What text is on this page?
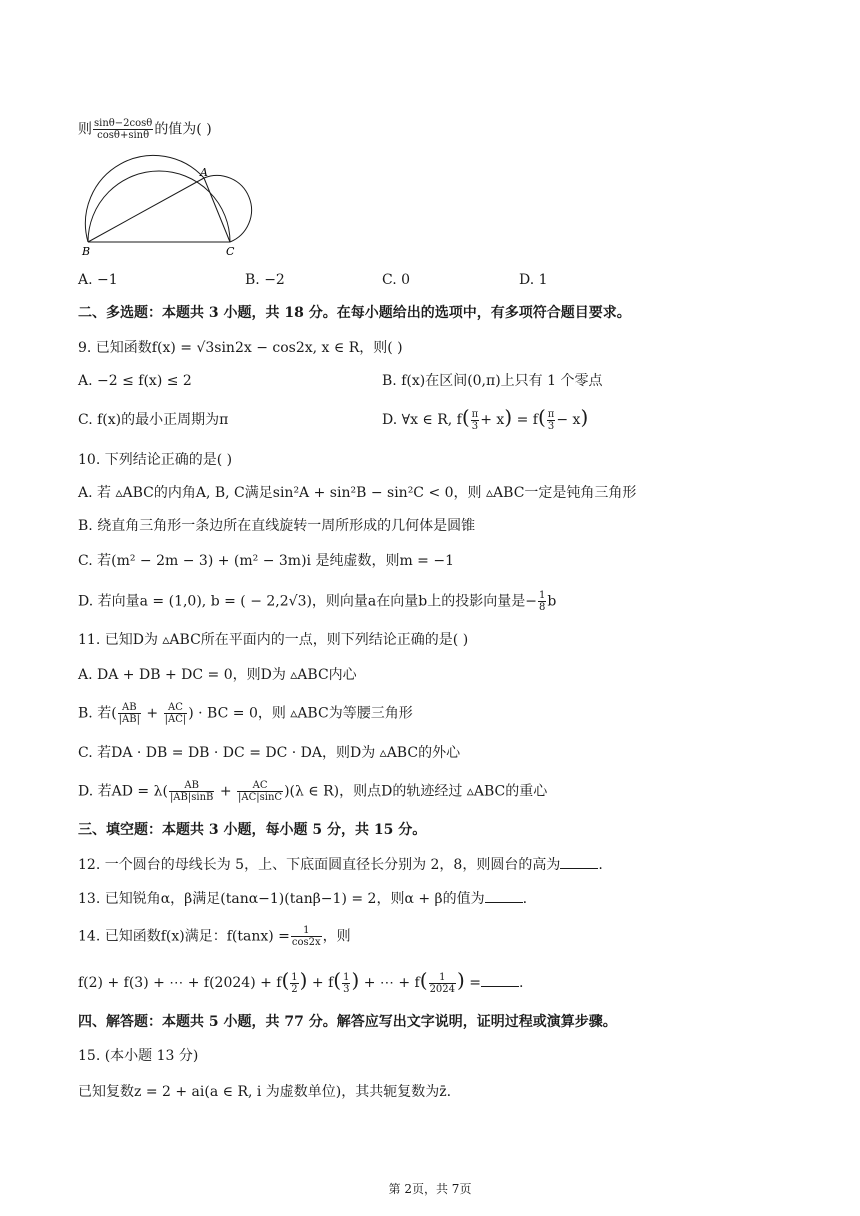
则 $\frac{\sin\theta-2\cos\theta}{\cos\theta+\sin\theta}$ 的值为( )
A
B	C
A. −1	B. −2	C. 0	D. 1
二、多选题：本题共 3 小题，共 18 分。在每小题给出的选项中，有多项符合题目要求。
9. 已知函数f(x) = √3sin2x − cos2x, x ∈ R，则( )
A. −2 ≤ f(x) ≤ 2	B. f(x)在区间(0,π)上只有 1 个零点
C. f(x)的最小正周期为π	D. ∀x ∈ R, $f( \frac{\pi}{3} + x) = f( \frac{\pi}{3} - x)$
10. 下列结论正确的是( )
A. 若 ▵ABC的内角A, B, C满足sin²A + sin²B − sin²C < 0，则 ▵ABC一定是钝角三角形
B. 绕直角三角形一条边所在直线旋转一周所形成的几何体是圆锥
C. 若(m² − 2m − 3) + (m² − 3m)i 是纯虚数，则m = −1
D. 若向量a = (1,0), b = ( − 2,2√3)，则向量a在向量b上的投影向量是− $\frac{1}{8}$ b
11. 已知D为 ▵ABC所在平面内的一点，则下列结论正确的是( )
A. DA + DB + DC = 0，则D为 ▵ABC内心
B. 若( $\frac{AB}{|AB|} + \frac{AC}{|AC|}$ ) · BC = 0，则 ▵ABC为等腰三角形
C. 若DA · DB = DB · DC = DC · DA，则D为 ▵ABC的外心
D. 若AD = $\lambda( \frac{AB}{|AB|\sin B} + \frac{AC}{|AC|\sin C} )(\lambda$ ∈ R)，则点D的轨迹经过 ▵ABC的重心
三、填空题：本题共 3 小题，每小题 5 分，共 15 分。
12. 一个圆台的母线长为 5，上、下底面圆直径长分别为 2，8，则圆台的高为	.
13. 已知锐角α，β满足(tanα−1)(tanβ−1) = 2，则α + β的值为	.
14. 已知函数f(x)满足：$f(\tan x) = \frac{1}{\cos 2x}$ ，则
f(2) + f(3) + ⋯ + $f(2024) + f( \frac{1}{2}$ ) + $f( \frac{1}{3}$ ) + ⋯ + $f( \frac{1}{2024}$ ) =	.
四、解答题：本题共 5 小题，共 77 分。解答应写出文字说明，证明过程或演算步骤。
15. (本小题 13 分)
已知复数z = 2 + ai(a ∈ R, i 为虚数单位)，其共轭复数为z̄.
第 2页，共 7页
